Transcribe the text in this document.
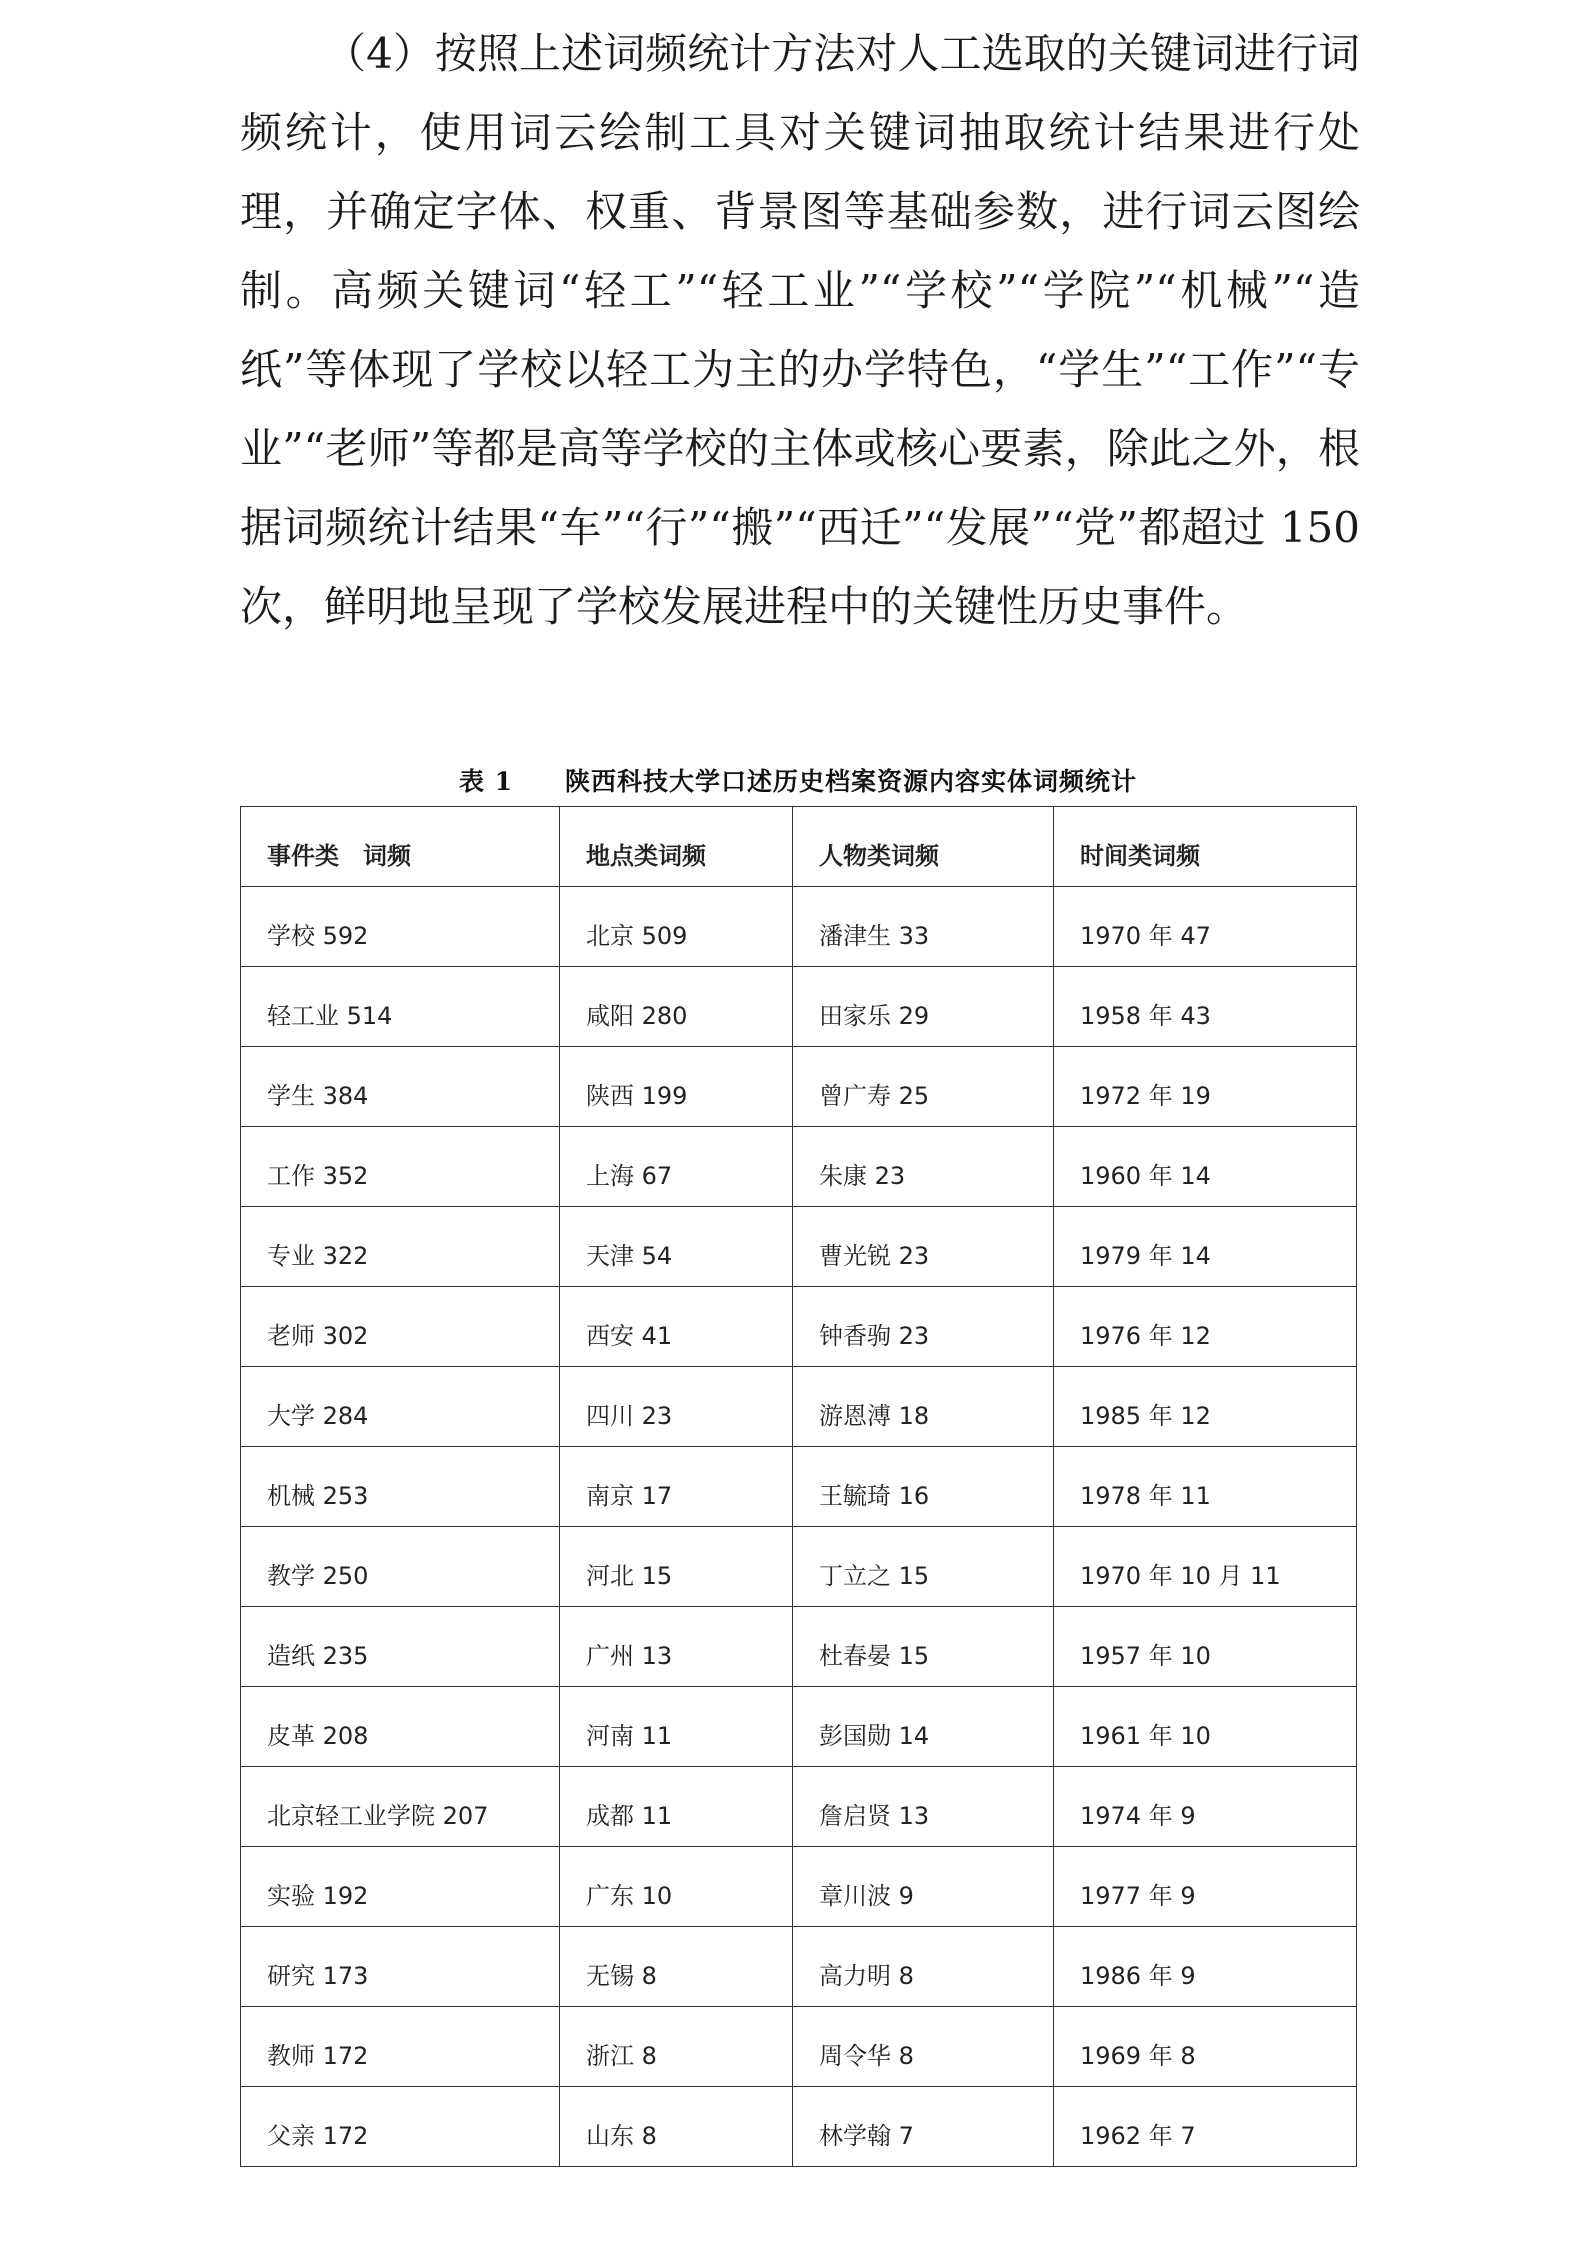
（4）按照上述词频统计方法对人工选取的关键词进行词频统计，使用词云绘制工具对关键词抽取统计结果进行处理，并确定字体、权重、背景图等基础参数，进行词云图绘制。高频关键词“轻工”“轻工业”“学校”“学院”“机械”“造纸”等体现了学校以轻工为主的办学特色，“学生”“工作”“专业”“老师”等都是高等学校的主体或核心要素，除此之外，根据词频统计结果“车”“行”“搬”“西迁”“发展”“党”都超过 150 次，鲜明地呈现了学校发展进程中的关键性历史事件。

表 1 陕西科技大学口述历史档案资源内容实体词频统计
事件类　词频	地点类词频	人物类词频	时间类词频
学校 592	北京 509	潘津生 33	1970 年 47
轻工业 514	咸阳 280	田家乐 29	1958 年 43
学生 384	陕西 199	曾广寿 25	1972 年 19
工作 352	上海 67	朱康 23	1960 年 14
专业 322	天津 54	曹光锐 23	1979 年 14
老师 302	西安 41	钟香驹 23	1976 年 12
大学 284	四川 23	游恩溥 18	1985 年 12
机械 253	南京 17	王毓琦 16	1978 年 11
教学 250	河北 15	丁立之 15	1970 年 10 月 11
造纸 235	广州 13	杜春晏 15	1957 年 10
皮革 208	河南 11	彭国勋 14	1961 年 10
北京轻工业学院 207	成都 11	詹启贤 13	1974 年 9
实验 192	广东 10	章川波 9	1977 年 9
研究 173	无锡 8	高力明 8	1986 年 9
教师 172	浙江 8	周令华 8	1969 年 8
父亲 172	山东 8	林学翰 7	1962 年 7
